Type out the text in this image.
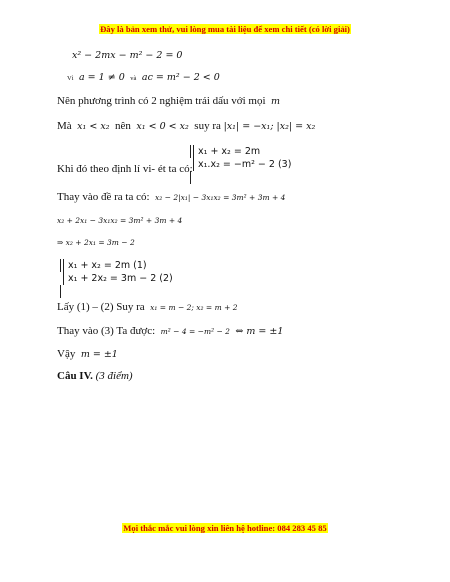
Đây là bản xem thử, vui lòng mua tài liệu để xem chi tiết (có lời giải)
x² − 2mx − m² − 2 = 0
Vì a = 1 ≠ 0 và ac = m² − 2 < 0
Nên phương trình có 2 nghiệm trái dấu với mọi m
Mà x₁ < x₂ nên x₁ < 0 < x₂ suy ra |x₁| = −x₁; |x₂| = x₂
Khi đó theo định lí vi- ét ta có:
x₁ + x₂ = 2m
x₁.x₂ = −m² − 2 (3)
Thay vào đề ra ta có: x₂ − 2|x₁| − 3x₁x₂ = 3m² + 3m + 4
x₂ + 2x₁ − 3x₁x₂ = 3m² + 3m + 4
⇒ x₂ + 2x₁ = 3m − 2
x₁ + x₂ = 2m (1)
x₁ + 2x₂ = 3m − 2 (2)
Lấy (1) – (2) Suy ra x₁ = m − 2; x₂ = m + 2
Thay vào (3) Ta được: m² − 4 = −m² − 2 ⇔ m = ±1
Vậy m = ±1
Câu IV. (3 điểm)
Mọi thắc mắc vui lòng xin liên hệ hotline: 084 283 45 85
